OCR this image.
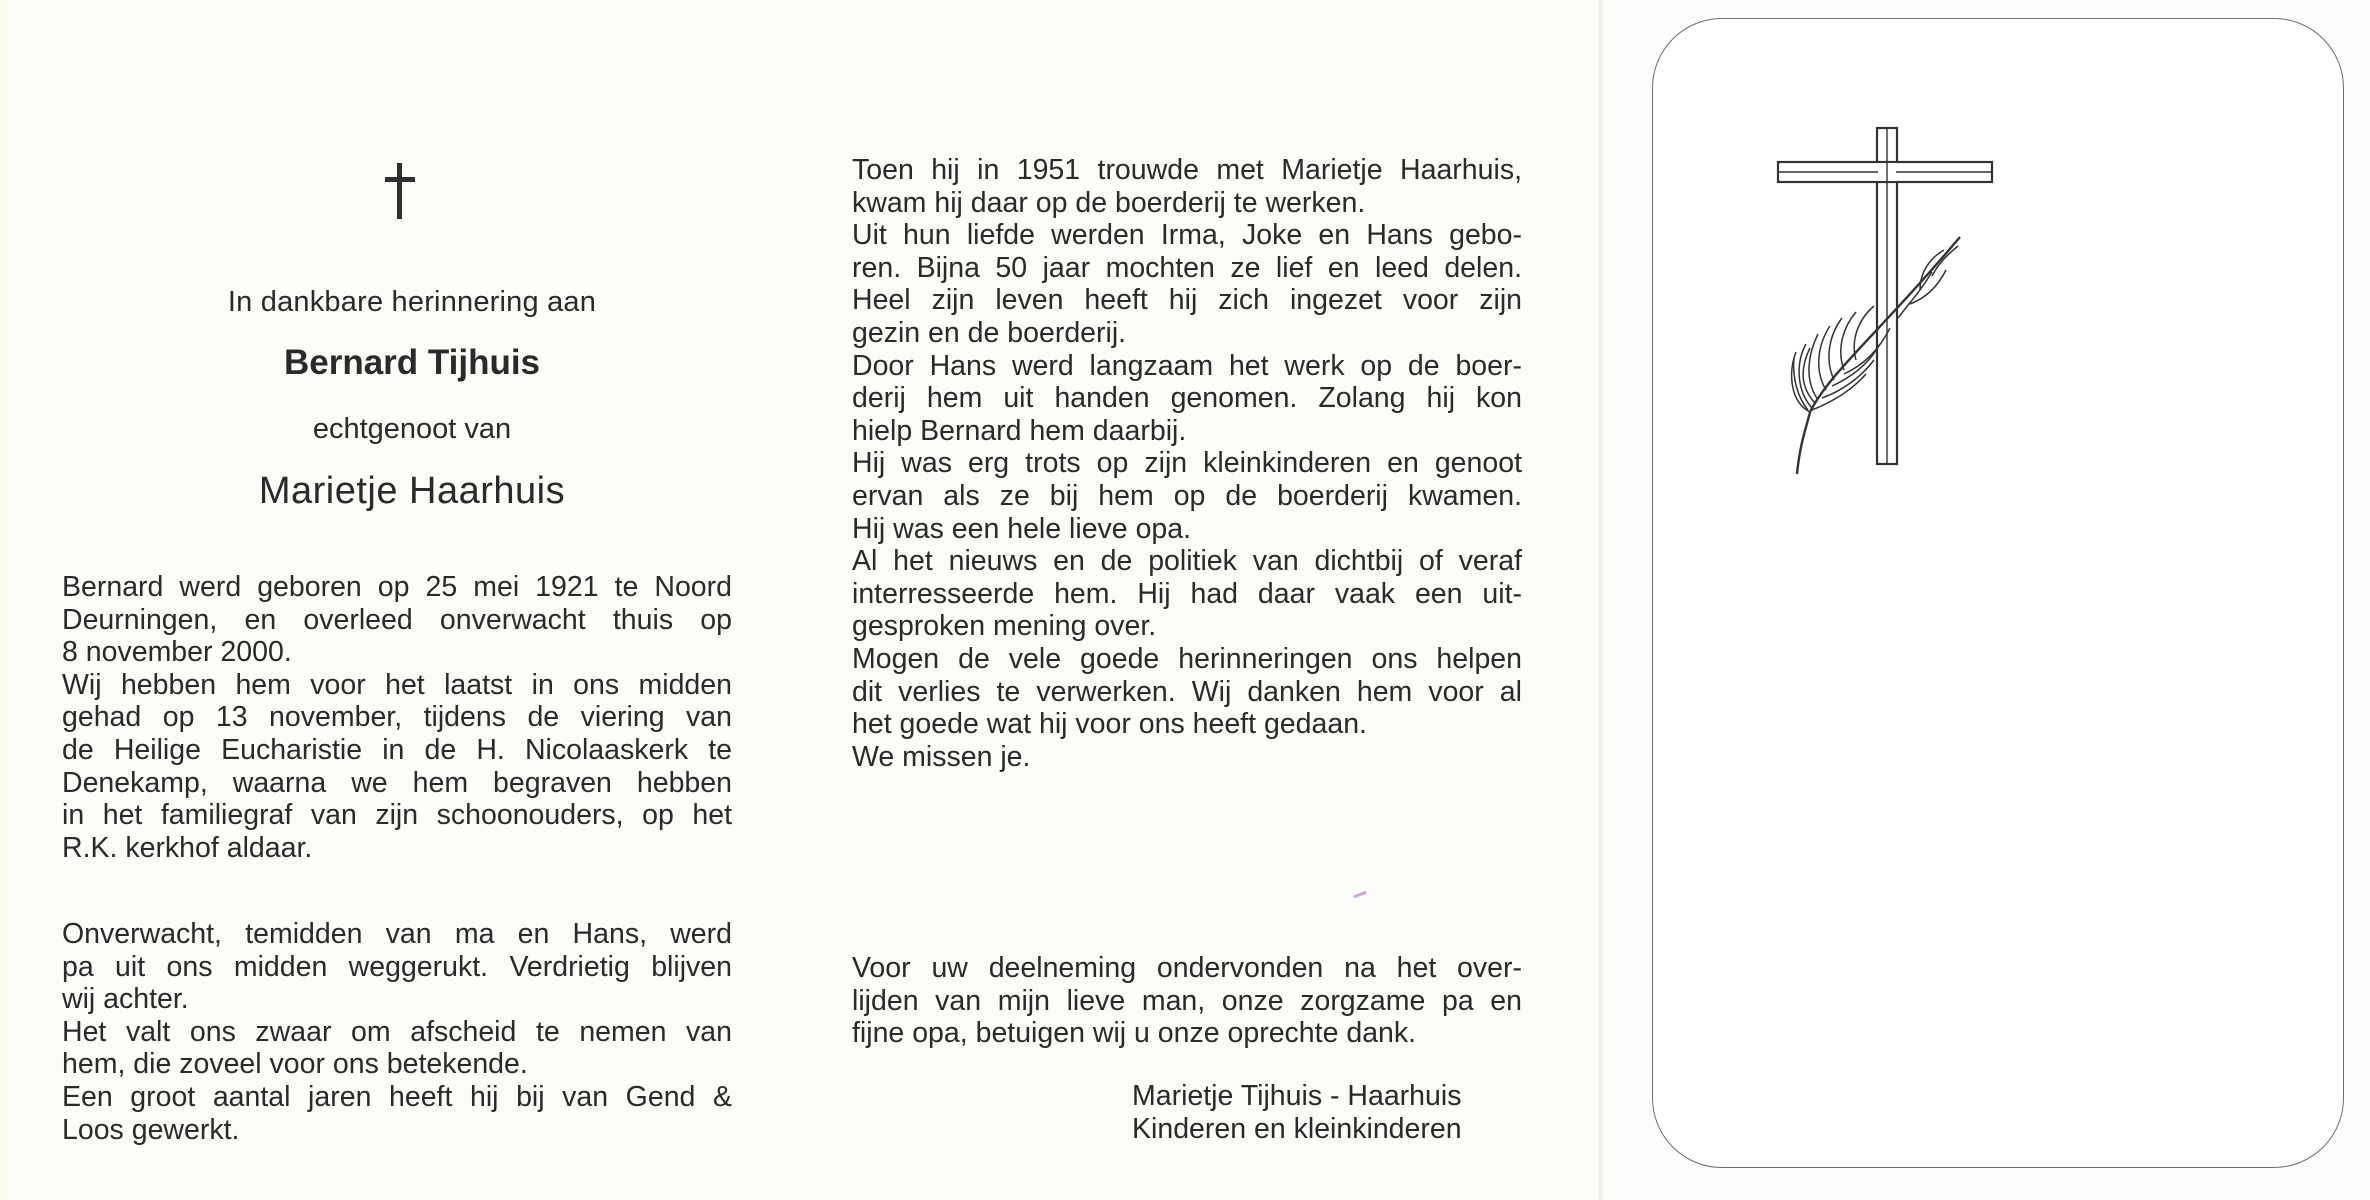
In dankbare herinnering aan
Bernard Tijhuis
echtgenoot van
Marietje Haarhuis
Bernard werd geboren op 25 mei 1921 te Noord
Deurningen, en overleed onverwacht thuis op
8 november 2000.
Wij hebben hem voor het laatst in ons midden
gehad op 13 november, tijdens de viering van
de Heilige Eucharistie in de H. Nicolaaskerk te
Denekamp, waarna we hem begraven hebben
in het familiegraf van zijn schoonouders, op het
R.K. kerkhof aldaar.
Onverwacht, temidden van ma en Hans, werd
pa uit ons midden weggerukt. Verdrietig blijven
wij achter.
Het valt ons zwaar om afscheid te nemen van
hem, die zoveel voor ons betekende.
Een groot aantal jaren heeft hij bij van Gend &
Loos gewerkt.
Toen hij in 1951 trouwde met Marietje Haarhuis,
kwam hij daar op de boerderij te werken.
Uit hun liefde werden Irma, Joke en Hans gebo-
ren. Bijna 50 jaar mochten ze lief en leed delen.
Heel zijn leven heeft hij zich ingezet voor zijn
gezin en de boerderij.
Door Hans werd langzaam het werk op de boer-
derij hem uit handen genomen. Zolang hij kon
hielp Bernard hem daarbij.
Hij was erg trots op zijn kleinkinderen en genoot
ervan als ze bij hem op de boerderij kwamen.
Hij was een hele lieve opa.
Al het nieuws en de politiek van dichtbij of veraf
interresseerde hem. Hij had daar vaak een uit-
gesproken mening over.
Mogen de vele goede herinneringen ons helpen
dit verlies te verwerken. Wij danken hem voor al
het goede wat hij voor ons heeft gedaan.
We missen je.
Voor uw deelneming ondervonden na het over-
lijden van mijn lieve man, onze zorgzame pa en
fijne opa, betuigen wij u onze oprechte dank.
Marietje Tijhuis - Haarhuis
Kinderen en kleinkinderen
